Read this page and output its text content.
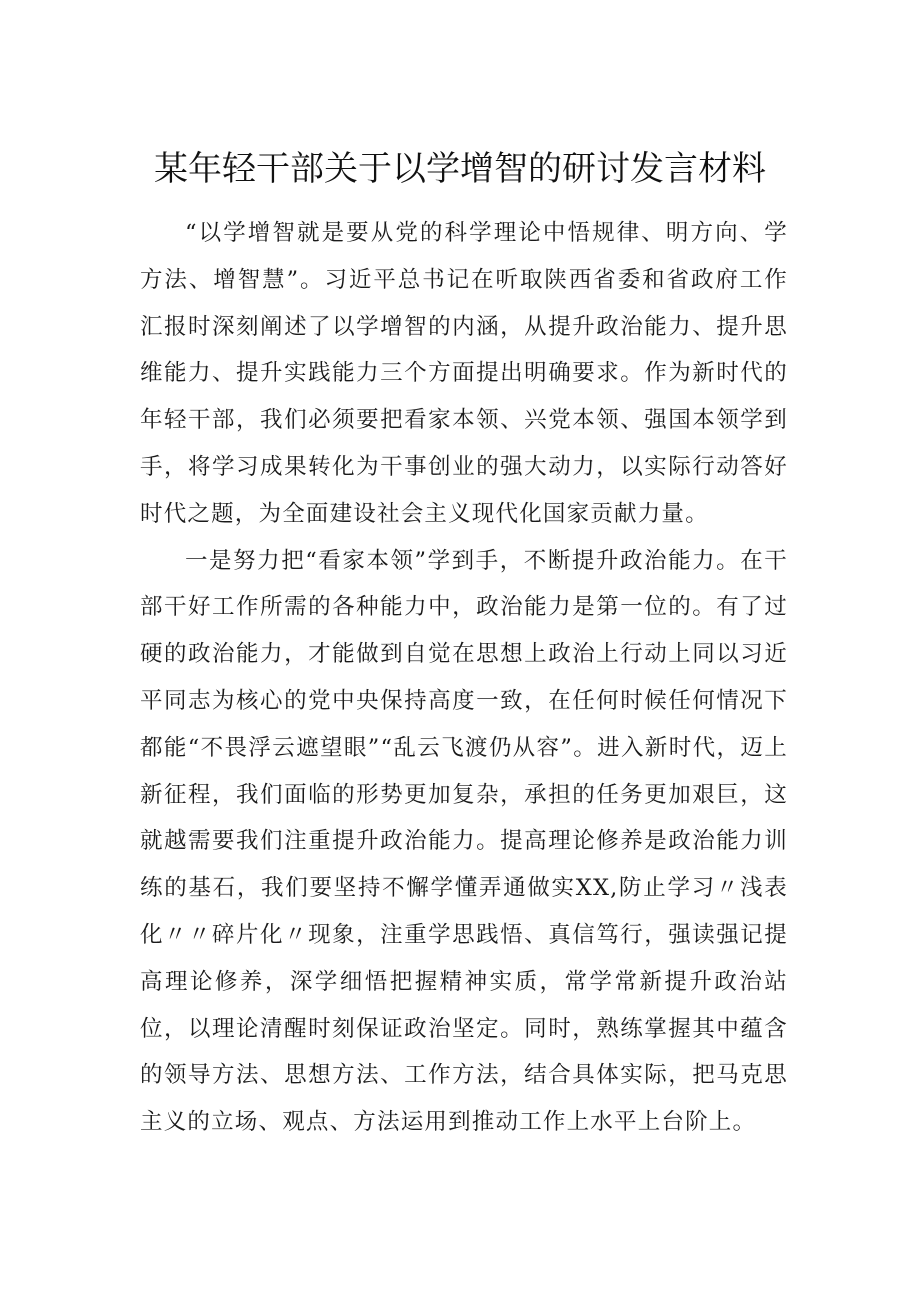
某年轻干部关于以学增智的研讨发言材料

“以学增智就是要从党的科学理论中悟规律、明方向、学方法、增智慧”。习近平总书记在听取陕西省委和省政府工作汇报时深刻阐述了以学增智的内涵，从提升政治能力、提升思维能力、提升实践能力三个方面提出明确要求。作为新时代的年轻干部，我们必须要把看家本领、兴党本领、强国本领学到手，将学习成果转化为干事创业的强大动力，以实际行动答好时代之题，为全面建设社会主义现代化国家贡献力量。

一是努力把“看家本领”学到手，不断提升政治能力。在干部干好工作所需的各种能力中，政治能力是第一位的。有了过硬的政治能力，才能做到自觉在思想上政治上行动上同以习近平同志为核心的党中央保持高度一致，在任何时候任何情况下都能“不畏浮云遮望眼”“乱云飞渡仍从容”。进入新时代，迈上新征程，我们面临的形势更加复杂，承担的任务更加艰巨，这就越需要我们注重提升政治能力。提高理论修养是政治能力训练的基石，我们要坚持不懈学懂弄通做实XX,防止学习〃浅表化〃〃碎片化〃现象，注重学思践悟、真信笃行，强读强记提高理论修养，深学细悟把握精神实质，常学常新提升政治站位，以理论清醒时刻保证政治坚定。同时，熟练掌握其中蕴含的领导方法、思想方法、工作方法，结合具体实际，把马克思主义的立场、观点、方法运用到推动工作上水平上台阶上。
